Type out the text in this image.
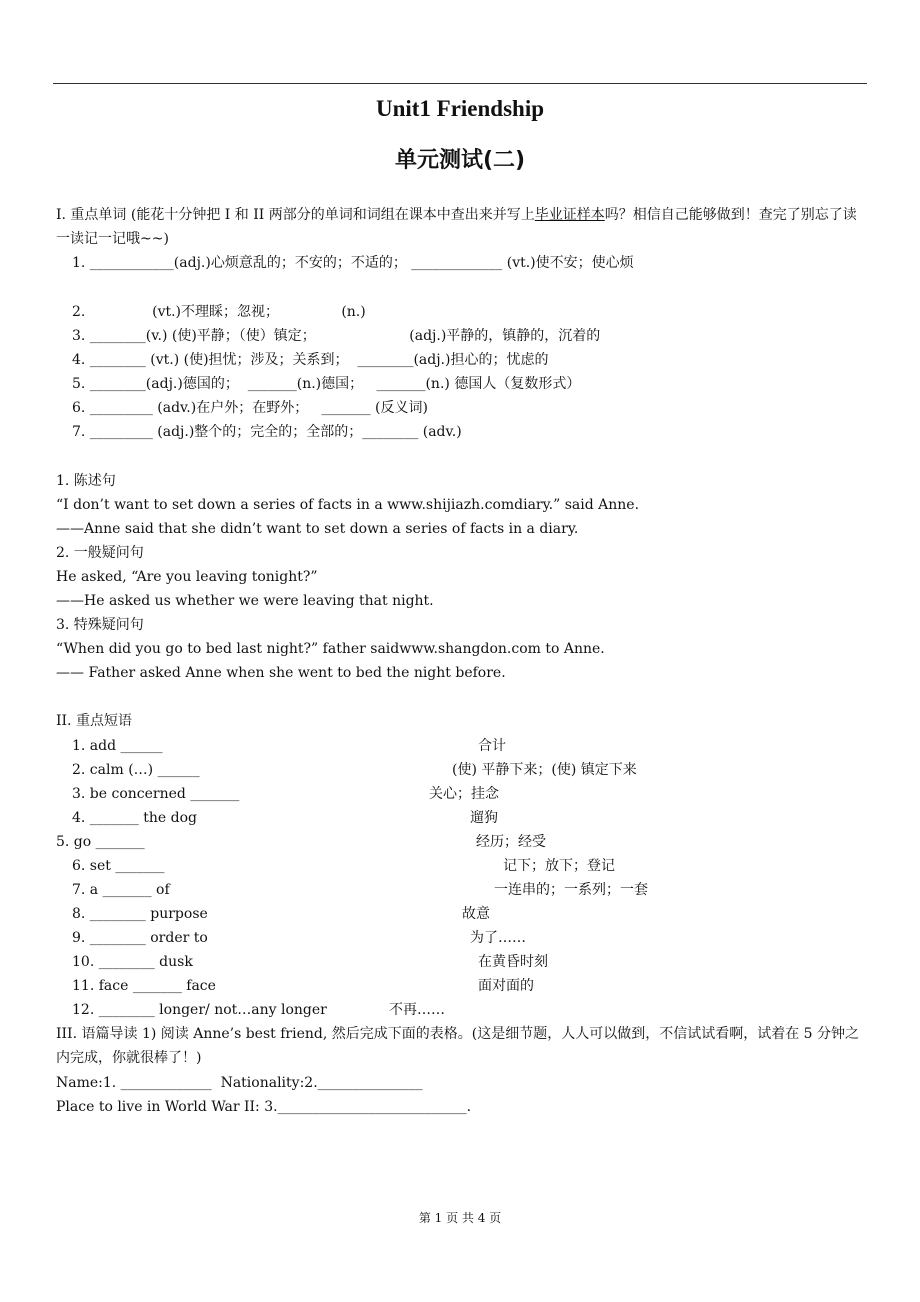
Unit1 Friendship
单元测试(二)
I. 重点单词 (能花十分钟把 I 和 II 两部分的单词和词组在课本中查出来并写上毕业证样本吗？相信自己能够做到！查完了别忘了读一读记一记哦~~)
1. ____________(adj.)心烦意乱的；不安的；不适的； _____________ (vt.)使不安；使心烦
2.               (vt.)不理睬；忽视；              (n.)
3. ________(v.) (使)平静；（使）镇定；                     (adj.)平静的，镇静的，沉着的
4. ________ (vt.) (使)担忧；涉及；关系到；  ________(adj.)担心的；忧虑的
5. ________(adj.)德国的；  _______(n.)德国；   _______(n.) 德国人（复数形式）
6. _________ (adv.)在户外；在野外；   _______ (反义词)
7. _________ (adj.)整个的；完全的；全部的；________ (adv.)
1. 陈述句
“I don’t want to set down a series of facts in a www.shijiazh.comdiary.” said Anne.
——Anne said that she didn’t want to set down a series of facts in a diary.
2. 一般疑问句
He asked, “Are you leaving tonight?”
——He asked us whether we were leaving that night.
3. 特殊疑问句
“When did you go to bed last night?” father saidwww.shangdon.com to Anne.
—— Father asked Anne when she went to bed the night before.
II. 重点短语
1. add ______	合计
2. calm (…) ______	(使) 平静下来；(使) 镇定下来
3. be concerned _______	关心；挂念
4. _______ the dog	遛狗
5. go _______	经历；经受
6. set _______	记下；放下；登记
7. a _______ of	一连串的；一系列；一套
8. ________ purpose	故意
9. ________ order to	为了……
10. ________ dusk	在黄昏时刻
11. face _______ face	面对面的
12. ________ longer/ not…any longer	不再……
III. 语篇导读 1) 阅读 Anne’s best friend, 然后完成下面的表格。(这是细节题，人人可以做到，不信试试看啊，试着在 5 分钟之内完成，你就很棒了！)
Name:1. _____________  Nationality:2._______________
Place to live in World War II: 3.___________________________.
第 1 页 共 4 页
